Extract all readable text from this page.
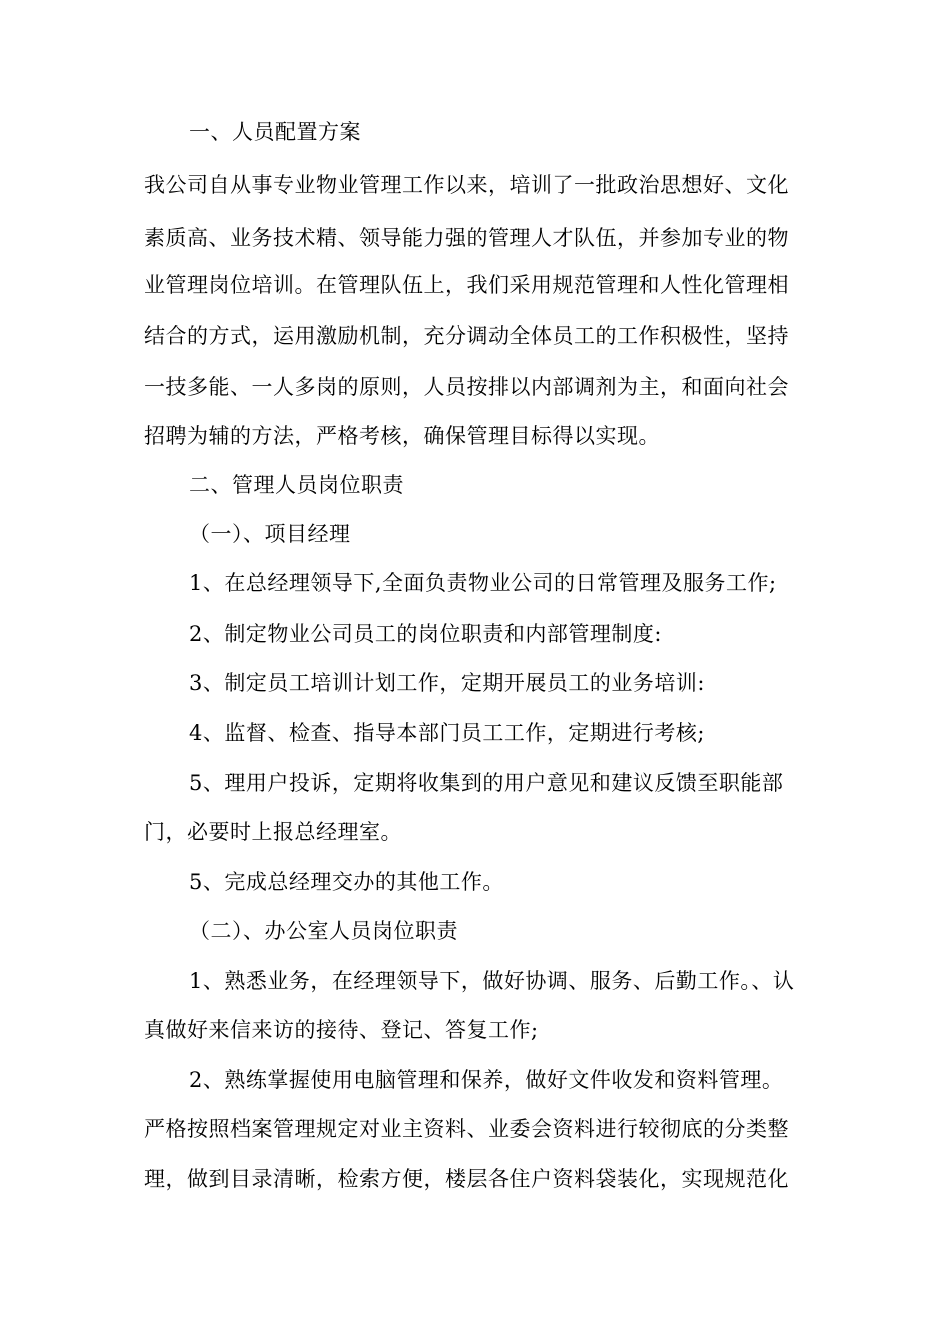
一、人员配置方案
我公司自从事专业物业管理工作以来，培训了一批政治思想好、文化
素质高、业务技术精、领导能力强的管理人才队伍，并参加专业的物
业管理岗位培训。在管理队伍上，我们采用规范管理和人性化管理相
结合的方式，运用激励机制，充分调动全体员工的工作积极性，坚持
一技多能、一人多岗的原则，人员按排以内部调剂为主，和面向社会
招聘为辅的方法，严格考核，确保管理目标得以实现。
二、管理人员岗位职责
（一）、项目经理
1、在总经理领导下,全面负责物业公司的日常管理及服务工作;
2、制定物业公司员工的岗位职责和内部管理制度:
3、制定员工培训计划工作，定期开展员工的业务培训:
4、监督、检查、指导本部门员工工作，定期进行考核;
5、理用户投诉，定期将收集到的用户意见和建议反馈至职能部
门，必要时上报总经理室。
5、完成总经理交办的其他工作。
（二）、办公室人员岗位职责
1、熟悉业务，在经理领导下，做好协调、服务、后勤工作。、认
真做好来信来访的接待、登记、答复工作;
2、熟练掌握使用电脑管理和保养，做好文件收发和资料管理。
严格按照档案管理规定对业主资料、业委会资料进行较彻底的分类整
理，做到目录清晰，检索方便，楼层各住户资料袋装化，实现规范化
